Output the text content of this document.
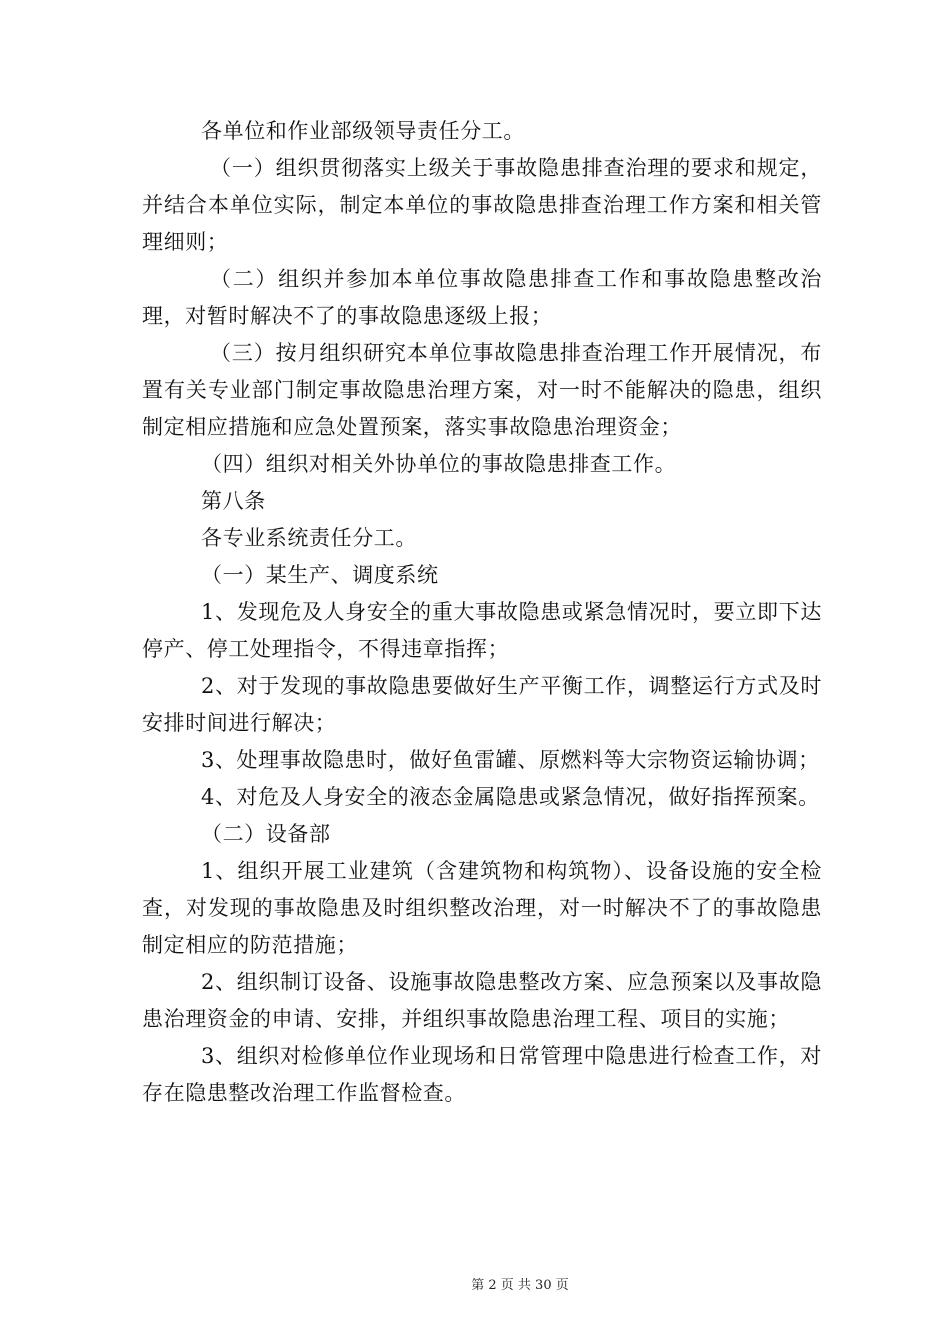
各单位和作业部级领导责任分工。

（一）组织贯彻落实上级关于事故隐患排查治理的要求和规定，并结合本单位实际，制定本单位的事故隐患排查治理工作方案和相关管理细则；

（二）组织并参加本单位事故隐患排查工作和事故隐患整改治理，对暂时解决不了的事故隐患逐级上报；

（三）按月组织研究本单位事故隐患排查治理工作开展情况，布置有关专业部门制定事故隐患治理方案，对一时不能解决的隐患，组织制定相应措施和应急处置预案，落实事故隐患治理资金；

（四）组织对相关外协单位的事故隐患排查工作。

第八条

各专业系统责任分工。

（一）某生产、调度系统

1、发现危及人身安全的重大事故隐患或紧急情况时，要立即下达停产、停工处理指令，不得违章指挥；

2、对于发现的事故隐患要做好生产平衡工作，调整运行方式及时安排时间进行解决；

3、处理事故隐患时，做好鱼雷罐、原燃料等大宗物资运输协调；

4、对危及人身安全的液态金属隐患或紧急情况，做好指挥预案。

（二）设备部

1、组织开展工业建筑（含建筑物和构筑物）、设备设施的安全检查，对发现的事故隐患及时组织整改治理，对一时解决不了的事故隐患制定相应的防范措施；

2、组织制订设备、设施事故隐患整改方案、应急预案以及事故隐患治理资金的申请、安排，并组织事故隐患治理工程、项目的实施；

3、组织对检修单位作业现场和日常管理中隐患进行检查工作，对存在隐患整改治理工作监督检查。

第 2 页 共 30 页
